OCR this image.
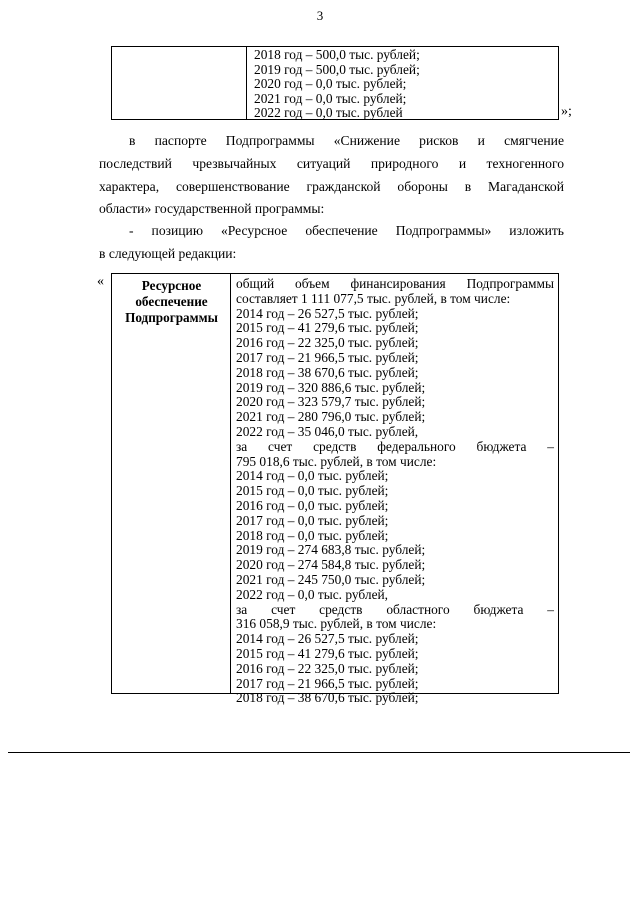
3
2018 год – 500,0 тыс. рублей;
2019 год – 500,0 тыс. рублей;
2020 год – 0,0 тыс. рублей;
2021 год – 0,0 тыс. рублей;
2022 год – 0,0 тыс. рублей	»;
в паспорте Подпрограммы «Снижение рисков и смягчение
последствий чрезвычайных ситуаций природного и техногенного
характера, совершенствование гражданской обороны в Магаданской
области» государственной программы:
- позицию «Ресурсное обеспечение Подпрограммы» изложить
в следующей редакции:
«	Ресурсное
обеспечение
Подпрограммы
общий объем финансирования Подпрограммы
составляет 1 111 077,5 тыс. рублей, в том числе:
2014 год – 26 527,5 тыс. рублей;
2015 год – 41 279,6 тыс. рублей;
2016 год – 22 325,0 тыс. рублей;
2017 год – 21 966,5 тыс. рублей;
2018 год – 38 670,6 тыс. рублей;
2019 год – 320 886,6 тыс. рублей;
2020 год – 323 579,7 тыс. рублей;
2021 год – 280 796,0 тыс. рублей;
2022 год – 35 046,0 тыс. рублей,
за счет средств федерального бюджета –
795 018,6 тыс. рублей, в том числе:
2014 год – 0,0 тыс. рублей;
2015 год – 0,0 тыс. рублей;
2016 год – 0,0 тыс. рублей;
2017 год – 0,0 тыс. рублей;
2018 год – 0,0 тыс. рублей;
2019 год – 274 683,8 тыс. рублей;
2020 год – 274 584,8 тыс. рублей;
2021 год – 245 750,0 тыс. рублей;
2022 год – 0,0 тыс. рублей,
за счет средств областного бюджета –
316 058,9 тыс. рублей, в том числе:
2014 год – 26 527,5 тыс. рублей;
2015 год – 41 279,6 тыс. рублей;
2016 год – 22 325,0 тыс. рублей;
2017 год – 21 966,5 тыс. рублей;
2018 год – 38 670,6 тыс. рублей;
